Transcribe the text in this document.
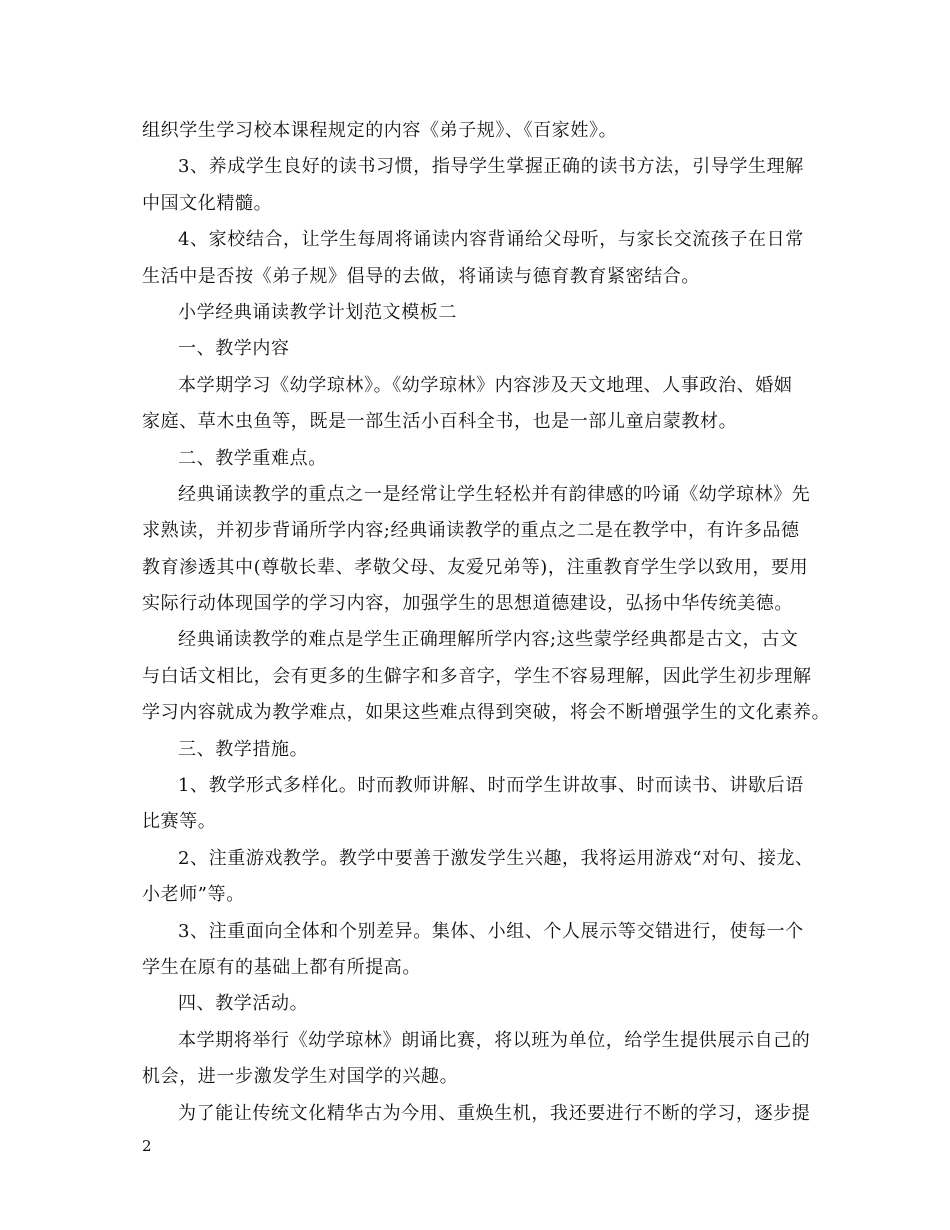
组织学生学习校本课程规定的内容《弟子规》、《百家姓》。
3、养成学生良好的读书习惯，指导学生掌握正确的读书方法，引导学生理解
中国文化精髓。
4、家校结合，让学生每周将诵读内容背诵给父母听，与家长交流孩子在日常
生活中是否按《弟子规》倡导的去做，将诵读与德育教育紧密结合。
小学经典诵读教学计划范文模板二
一、教学内容
本学期学习《幼学琼林》。《幼学琼林》内容涉及天文地理、人事政治、婚姻
家庭、草木虫鱼等，既是一部生活小百科全书，也是一部儿童启蒙教材。
二、教学重难点。
经典诵读教学的重点之一是经常让学生轻松并有韵律感的吟诵《幼学琼林》先
求熟读，并初步背诵所学内容;经典诵读教学的重点之二是在教学中，有许多品德
教育渗透其中(尊敬长辈、孝敬父母、友爱兄弟等)，注重教育学生学以致用，要用
实际行动体现国学的学习内容，加强学生的思想道德建设，弘扬中华传统美德。
经典诵读教学的难点是学生正确理解所学内容;这些蒙学经典都是古文，古文
与白话文相比，会有更多的生僻字和多音字，学生不容易理解，因此学生初步理解
学习内容就成为教学难点，如果这些难点得到突破，将会不断增强学生的文化素养。
三、教学措施。
1、教学形式多样化。时而教师讲解、时而学生讲故事、时而读书、讲歇后语
比赛等。
2、注重游戏教学。教学中要善于激发学生兴趣，我将运用游戏“对句、接龙、
小老师”等。
3、注重面向全体和个别差异。集体、小组、个人展示等交错进行，使每一个
学生在原有的基础上都有所提高。
四、教学活动。
本学期将举行《幼学琼林》朗诵比赛，将以班为单位，给学生提供展示自己的
机会，进一步激发学生对国学的兴趣。
为了能让传统文化精华古为今用、重焕生机，我还要进行不断的学习，逐步提
2
